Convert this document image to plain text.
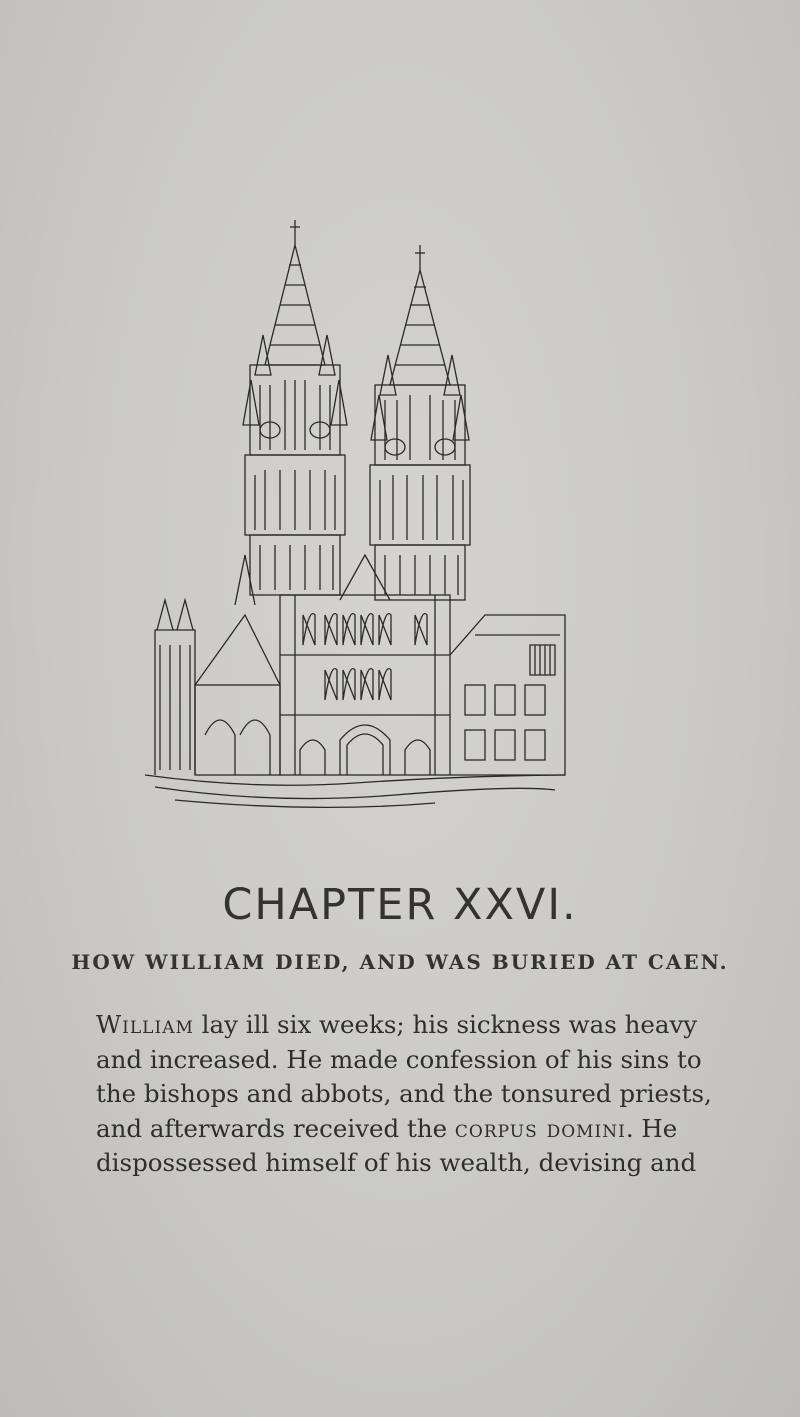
CHAPTER XXVI.
HOW WILLIAM DIED, AND WAS BURIED AT CAEN.
William lay ill six weeks; his sickness was heavy
and increased. He made confession of his sins to
the bishops and abbots, and the tonsured priests,
and afterwards received the corpus domini. He
dispossessed himself of his wealth, devising and
